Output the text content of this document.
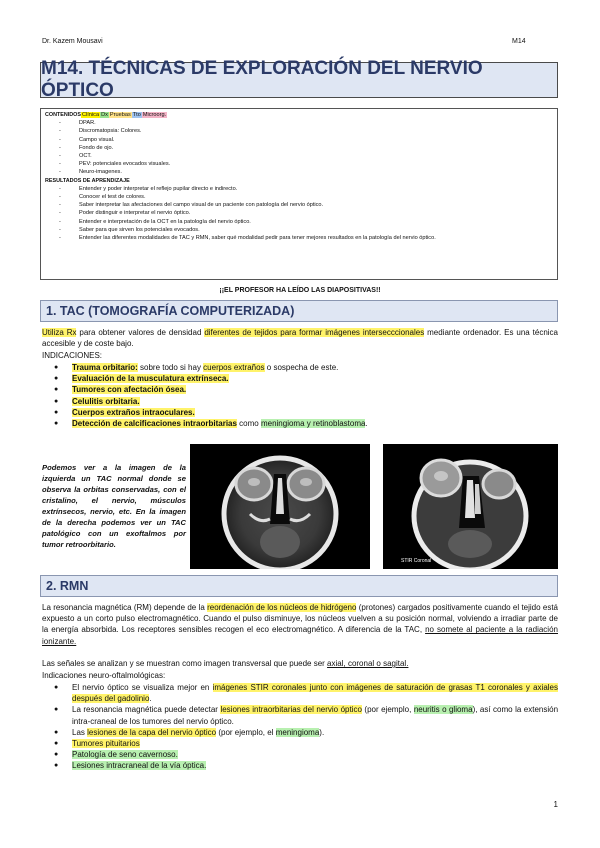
Dr. Kazem Mousavi	M14
M14. TÉCNICAS DE EXPLORACIÓN DEL NERVIO ÓPTICO
CONTENIDOSClínica Dx Pruebas Tto Microorg.
- DPAR.
- Discromatopsia: Colores.
- Campo visual.
- Fondo de ojo.
- OCT.
- PEV: potenciales evocados visuales.
- Neuro-imagenes.
RESULTADOS DE APRENDIZAJE
- Entender y poder interpretar el reflejo pupilar directo e indirecto.
- Conocer el test de colores.
- Saber interpretar las afectaciones del campo visual de un paciente con patología del nervio óptico.
- Poder distinguir e interpretar el nervio óptico.
- Entender e interpretación de la OCT en la patología del nervio óptico.
- Saber para que sirven los potenciales evocados.
- Entender las diferentes modalidades de TAC y RMN, saber qué modalidad pedir para tener mejores resultados en la patología del nervio óptico.
¡¡EL PROFESOR HA LEÍDO LAS DIAPOSITIVAS!!
1. TAC (TOMOGRAFÍA COMPUTERIZADA)
Utiliza Rx para obtener valores de densidad diferentes de tejidos para formar imágenes intersecccionales mediante ordenador. Es una técnica accesible y de coste bajo.
INDICACIONES:
● Trauma orbitario: sobre todo si hay cuerpos extraños o sospecha de este.
● Evaluación de la musculatura extrínseca.
● Tumores con afectación ósea.
● Celulitis orbitaria.
● Cuerpos extraños intraoculares.
● Detección de calcificaciones intraorbitarias como meningioma y retinoblastoma.
Podemos ver a la imagen de la izquierda un TAC normal donde se observa la orbitas conservadas, con el cristalino, el nervio, músculos extrínsecos, nervio, etc. En la imagen de la derecha podemos ver un TAC patológico con un exoftalmos por tumor retroorbitario.
STIR Coronal
2. RMN
La resonancia magnética (RM) depende de la reordenación de los núcleos de hidrógeno (protones) cargados positivamente cuando el tejido está expuesto a un corto pulso electromagnético. Cuando el pulso disminuye, los núcleos vuelven a su posición normal, volviendo a irradiar parte de la energía absorbida. Los receptores sensibles recogen el eco electromagnético. A diferencia de la TAC, no somete al paciente a la radiación ionizante.
Las señales se analizan y se muestran como imagen transversal que puede ser axial, coronal o sagital.
Indicaciones neuro-oftalmológicas:
● El nervio óptico se visualiza mejor en imágenes STIR coronales junto con imágenes de saturación de grasas T1 coronales y axiales después del gadolinio.
● La resonancia magnética puede detectar lesiones intraorbitarias del nervio óptico (por ejemplo, neuritis o glioma), así como la extensión intra-craneal de los tumores del nervio óptico.
● Las lesiones de la capa del nervio óptico (por ejemplo, el meningioma).
● Tumores pituitarios
● Patología de seno cavernoso.
● Lesiones intracraneal de la vía óptica.
1
